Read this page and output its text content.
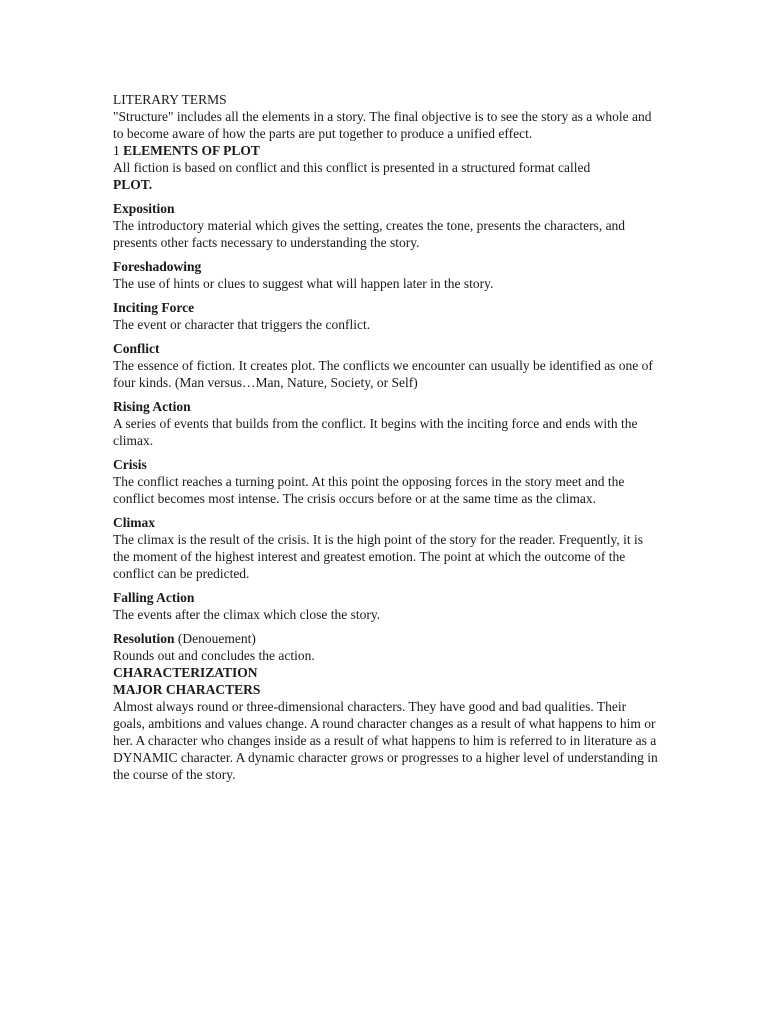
LITERARY TERMS

"Structure" includes all the elements in a story. The final objective is to see the story as a whole and to become aware of how the parts are put together to produce a unified effect.

1 ELEMENTS OF PLOT

All fiction is based on conflict and this conflict is presented in a structured format called
PLOT.

Exposition

The introductory material which gives the setting, creates the tone, presents the characters, and presents other facts necessary to understanding the story.

Foreshadowing

The use of hints or clues to suggest what will happen later in the story.

Inciting Force

The event or character that triggers the conflict.

Conflict

The essence of fiction. It creates plot. The conflicts we encounter can usually be identified as one of four kinds. (Man versus…Man, Nature, Society, or Self)

Rising Action

A series of events that builds from the conflict. It begins with the inciting force and ends with the climax.

Crisis

The conflict reaches a turning point. At this point the opposing forces in the story meet and the conflict becomes most intense. The crisis occurs before or at the same time as the climax.

Climax

The climax is the result of the crisis. It is the high point of the story for the reader. Frequently, it is the moment of the highest interest and greatest emotion. The point at which the outcome of the conflict can be predicted.

Falling Action

The events after the climax which close the story.

Resolution (Denouement)

Rounds out and concludes the action.

CHARACTERIZATION

MAJOR CHARACTERS

Almost always round or three-dimensional characters. They have good and bad qualities. Their goals, ambitions and values change. A round character changes as a result of what happens to him or her. A character who changes inside as a result of what happens to him is referred to in literature as a DYNAMIC character. A dynamic character grows or progresses to a higher level of understanding in the course of the story.
